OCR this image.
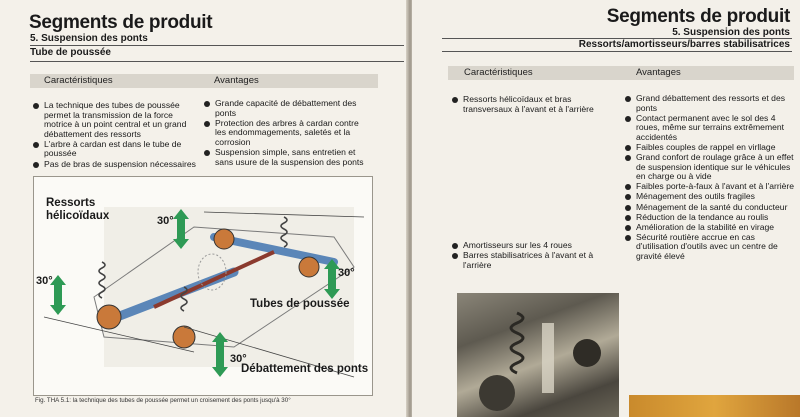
Segments de produit
5. Suspension des ponts
Tube de poussée
Caractéristiques	Avantages
La technique des tubes de poussée permet la transmission de la force motrice à un point central et un grand débattement des ressorts
L'arbre à cardan est dans le tube de poussée
Pas de bras de suspension nécessaires
Grande capacité de débattement des ponts
Protection des arbres à cardan contre les endommagements, saletés et la corrosion
Suspension simple, sans entretien et sans usure de la suspension des ponts
Ressorts
hélicoïdaux
Tubes de poussée
Débattement des ponts
30°
30°
30°
30°
Fig. THA 5.1: la technique des tubes de poussée permet un croisement des ponts jusqu'à 30°
Segments de produit
5. Suspension des ponts
Ressorts/amortisseurs/barres stabilisatrices
Caractéristiques	Avantages
Ressorts hélicoïdaux et bras transversaux à l'avant et à l'arrière
Amortisseurs sur les 4 roues
Barres stabilisatrices à l'avant et à l'arrière
Grand débattement des ressorts et des ponts
Contact permanent avec le sol des 4 roues, même sur terrains extrêmement accidentés
Faibles couples de rappel en virllage
Grand confort de roulage grâce à un effet de suspension identique sur le véhicules en charge ou à vide
Faibles porte-à-faux à l'avant et à l'arrière
Ménagement des outils fragiles
Ménagement de la santé du conducteur
Réduction de la tendance au roulis
Amélioration de la stabilité en virage
Sécurité routière accrue en cas d'utilisation d'outils avec un centre de gravité élevé
